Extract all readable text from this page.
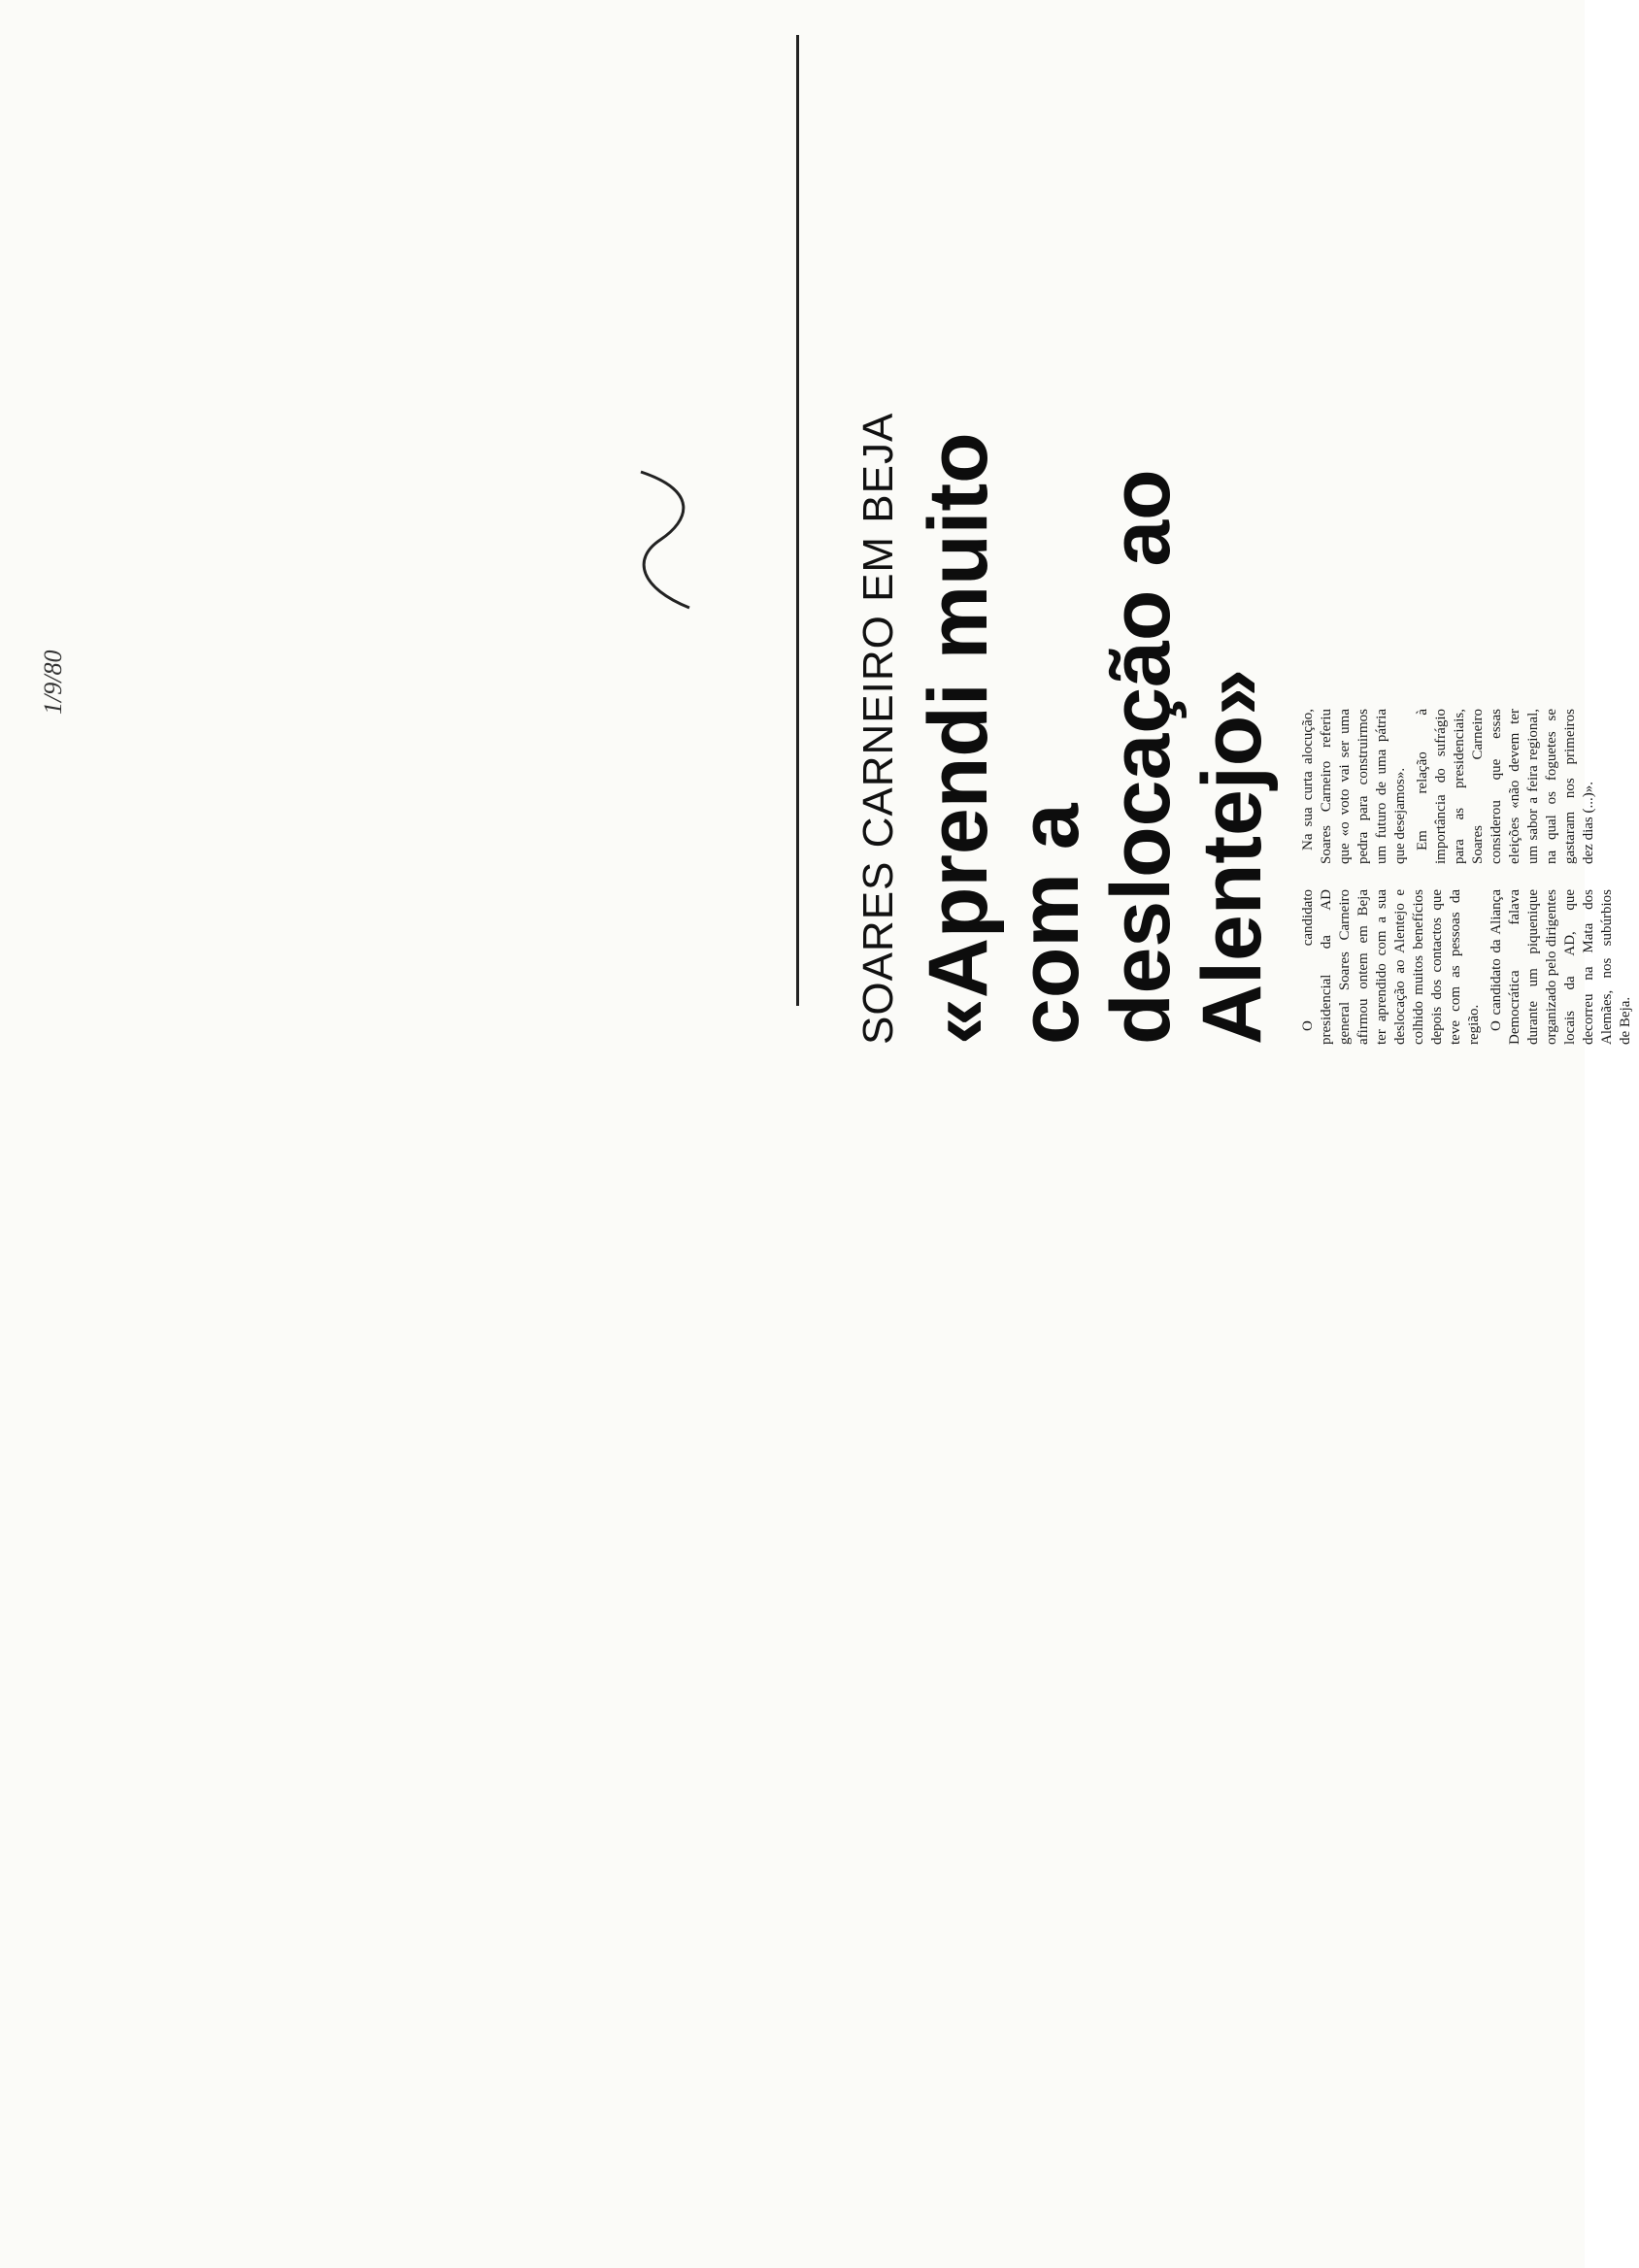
1/9/80	SOARES CARNEIRO EM BEJA «Aprendi muito com a deslocação ao Alentejo» O candidato presidencial da AD general Soares Carneiro afirmou ontem em Beja ter aprendido com a sua deslocação ao Alentejo e colhido muitos benefícios depois dos contactos que teve com as pessoas da região. O candidato da Aliança Democrática falava durante um piquenique organizado pelo dirigentes locais da AD, que decorreu na Mata dos Alemães, nos subúrbios de Beja.

Na sua curta alocução, Soares Carneiro referiu que «o voto vai ser uma pedra para construirmos um futuro de uma pátria que desejamos». Em relação à importância do sufrágio para as presidenciais, Soares Carneiro considerou que essas eleições «não devem ter um sabor a feira regional, na qual os foguetes se gastaram nos primeiros dez dias (...)».
